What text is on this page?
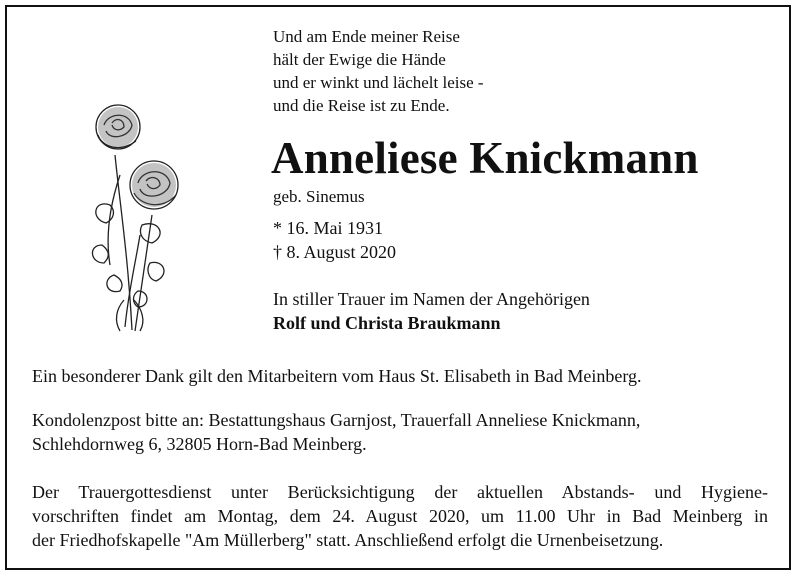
Und am Ende meiner Reise
hält der Ewige die Hände
und er winkt und lächelt leise -
und die Reise ist zu Ende.
Anneliese Knickmann
geb. Sinemus
* 16. Mai 1931
† 8. August 2020
In stiller Trauer im Namen der Angehörigen
Rolf und Christa Braukmann
Ein besonderer Dank gilt den Mitarbeitern vom Haus St. Elisabeth in Bad Meinberg.
Kondolenzpost bitte an: Bestattungshaus Garnjost, Trauerfall Anneliese Knickmann,
Schlehdornweg 6, 32805 Horn-Bad Meinberg.
Der Trauergottesdienst unter Berücksichtigung der aktuellen Abstands- und Hygiene-
vorschriften findet am Montag, dem 24. August 2020, um 11.00 Uhr in Bad Meinberg in
der Friedhofskapelle "Am Müllerberg" statt. Anschließend erfolgt die Urnenbeisetzung.
